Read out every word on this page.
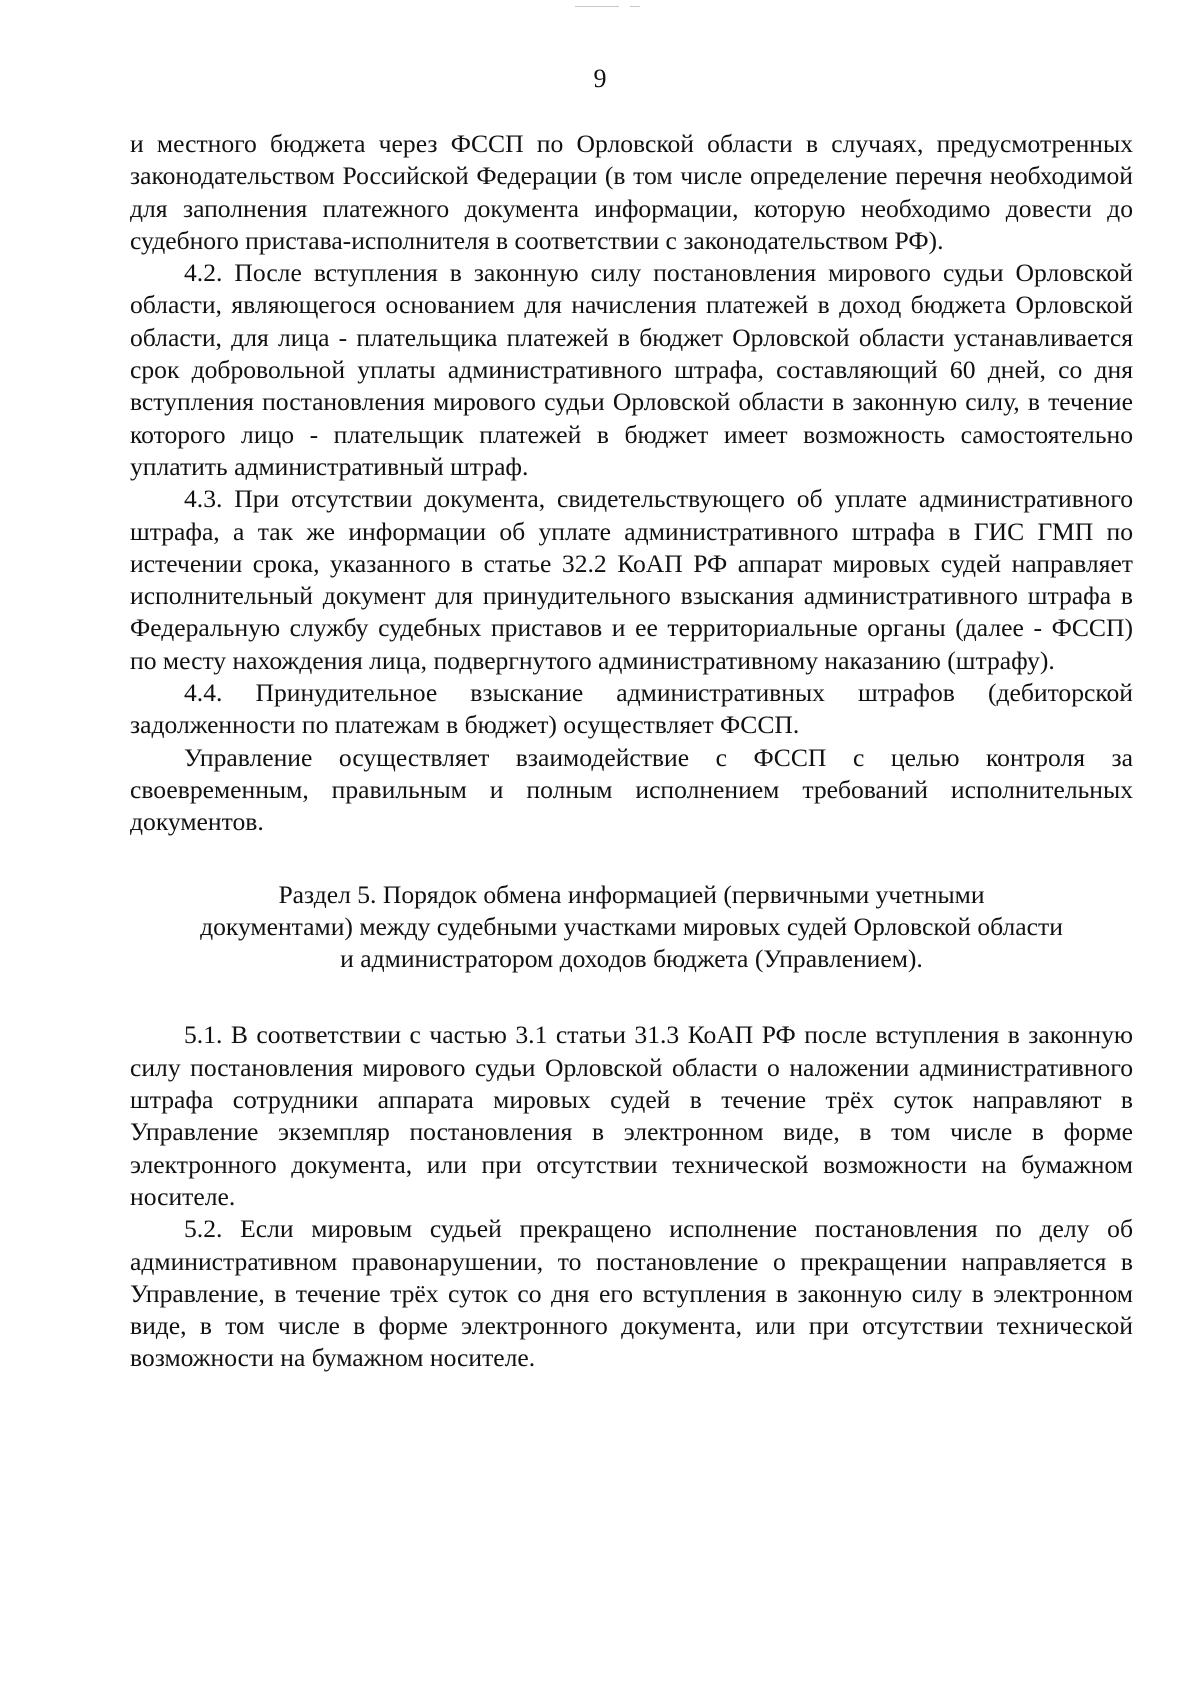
9

и местного бюджета через ФССП по Орловской области в случаях, предусмотренных законодательством Российской Федерации (в том числе определение перечня необходимой для заполнения платежного документа информации, которую необходимо довести до судебного пристава-исполнителя в соответствии с законодательством РФ).

4.2. После вступления в законную силу постановления мирового судьи Орловской области, являющегося основанием для начисления платежей в доход бюджета Орловской области, для лица - плательщика платежей в бюджет Орловской области устанавливается срок добровольной уплаты административного штрафа, составляющий 60 дней, со дня вступления постановления мирового судьи Орловской области в законную силу, в течение которого лицо - плательщик платежей в бюджет имеет возможность самостоятельно уплатить административный штраф.

4.3. При отсутствии документа, свидетельствующего об уплате административного штрафа, а так же информации об уплате административного штрафа в ГИС ГМП по истечении срока, указанного в статье 32.2 КоАП РФ аппарат мировых судей направляет исполнительный документ для принудительного взыскания административного штрафа в Федеральную службу судебных приставов и ее территориальные органы (далее - ФССП) по месту нахождения лица, подвергнутого административному наказанию (штрафу).

4.4. Принудительное взыскание административных штрафов (дебиторской задолженности по платежам в бюджет) осуществляет ФССП.

Управление осуществляет взаимодействие с ФССП с целью контроля за своевременным, правильным и полным исполнением требований исполнительных документов.

Раздел 5. Порядок обмена информацией (первичными учетными
документами) между судебными участками мировых судей Орловской области
и администратором доходов бюджета (Управлением).

5.1. В соответствии с частью 3.1 статьи 31.3 КоАП РФ после вступления в законную силу постановления мирового судьи Орловской области о наложении административного штрафа сотрудники аппарата мировых судей в течение трёх суток направляют в Управление экземпляр постановления в электронном виде, в том числе в форме электронного документа, или при отсутствии технической возможности на бумажном носителе.

5.2. Если мировым судьей прекращено исполнение постановления по делу об административном правонарушении, то постановление о прекращении направляется в Управление, в течение трёх суток со дня его вступления в законную силу в электронном виде, в том числе в форме электронного документа, или при отсутствии технической возможности на бумажном носителе.
